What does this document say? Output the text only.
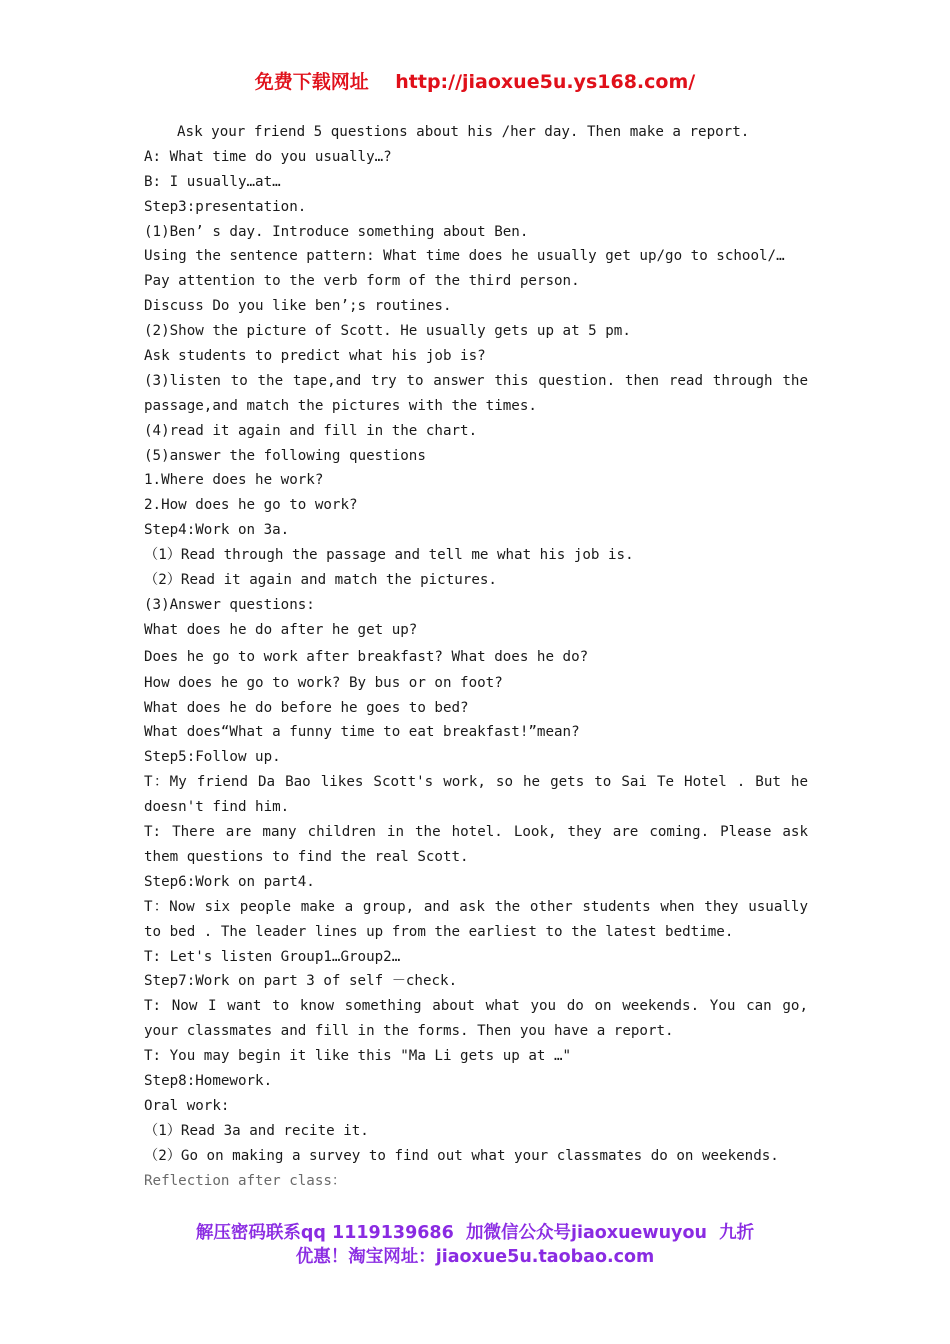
免费下载网址    http://jiaoxue5u.ys168.com/
Ask your friend 5 questions about his /her day. Then make a report.
A: What time do you usually…?
B: I usually…at…
Step3:presentation.
(1)Ben’ s day. Introduce something about Ben.
Using the sentence pattern: What time does he usually get up/go to school/…
Pay attention to the verb form of the third person.
Discuss Do you like ben’;s routines.
(2)Show the picture of Scott. He usually gets up at 5 pm.
Ask students to predict what his job is?
(3)listen to the tape,and try to answer this question. then read through the
passage,and match the pictures with the times.
(4)read it again and fill in the chart.
(5)answer the following questions
1.Where does he work?
2.How does he go to work?
Step4:Work on 3a.
（1）Read through the passage and tell me what his job is.
（2）Read it again and match the pictures.
(3)Answer questions:
What does he do after he get up?
Does he go to work after breakfast? What does he do?
How does he go to work? By bus or on foot?
What does he do before he goes to bed?
What does“What a funny time to eat breakfast!”mean?
Step5:Follow up.
T：My friend Da Bao likes Scott's work, so he gets to Sai Te Hotel . But he
doesn't find him.
T: There are many children in the hotel. Look, they are coming. Please ask
them questions to find the real Scott.
Step6:Work on part4.
T：Now six people make a group, and ask the other students when they usually
to bed . The leader lines up from the earliest to the latest bedtime.
T: Let's listen Group1…Group2…
Step7:Work on part 3 of self －check.
T: Now I want to know something about what you do on weekends. You can go,
your classmates and fill in the forms. Then you have a report.
T: You may begin it like this "Ma Li gets up at …"
Step8:Homework.
Oral work:
（1）Read 3a and recite it.
（2）Go on making a survey to find out what your classmates do on weekends.
Reflection after class：
解压密码联系qq 1119139686  加微信公众号jiaoxuewuyou  九折
优惠！淘宝网址：jiaoxue5u.taobao.com
